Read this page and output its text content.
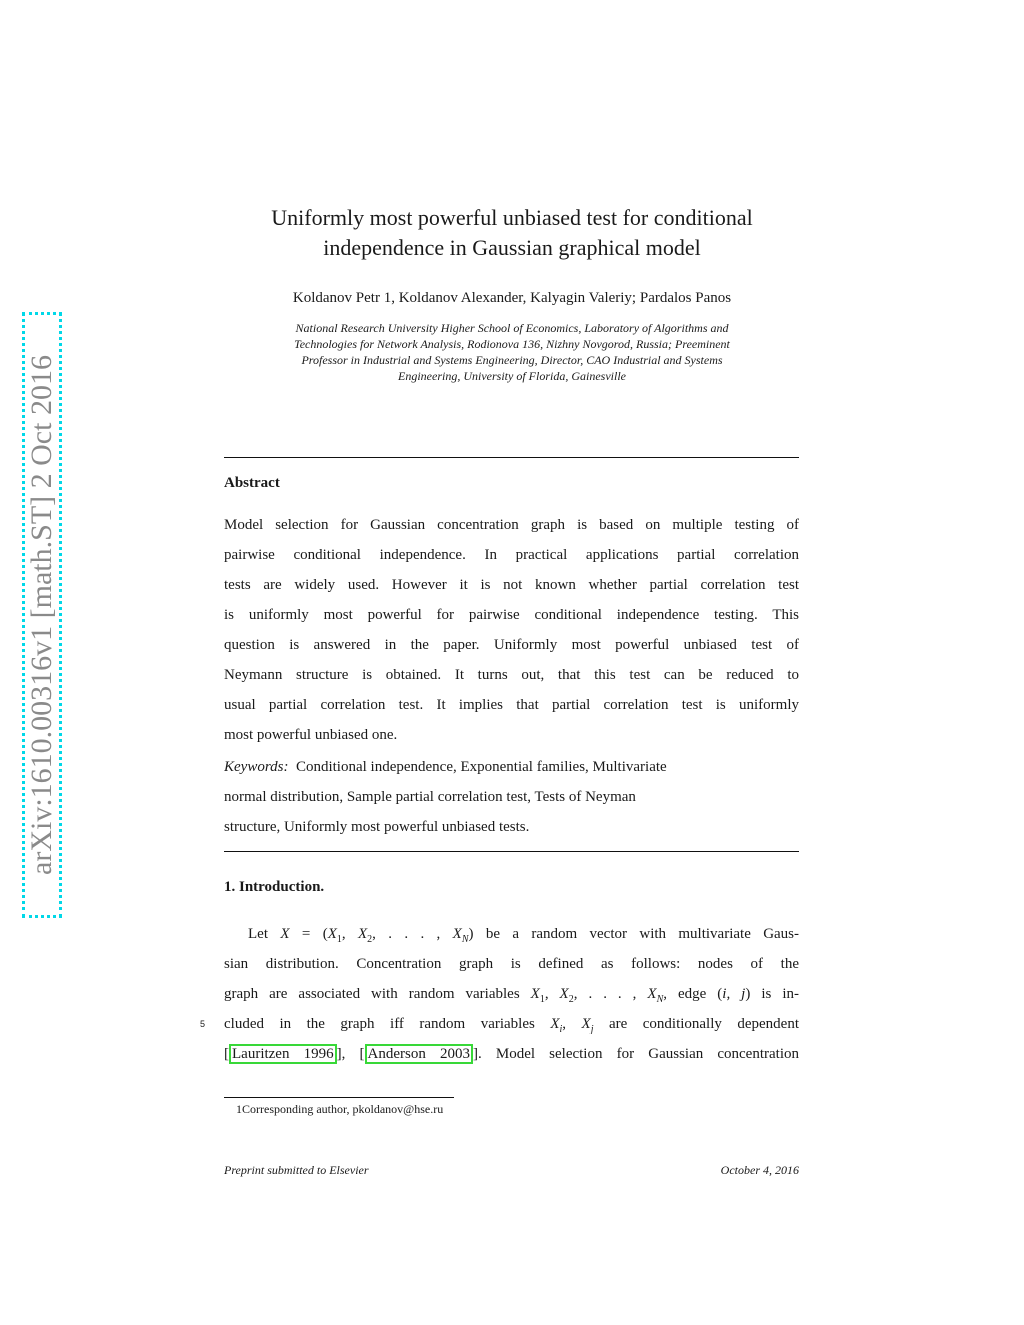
arXiv:1610.00316v1 [math.ST] 2 Oct 2016
Uniformly most powerful unbiased test for conditional
independence in Gaussian graphical model
Koldanov Petr 1, Koldanov Alexander, Kalyagin Valeriy; Pardalos Panos
National Research University Higher School of Economics, Laboratory of Algorithms and
Technologies for Network Analysis, Rodionova 136, Nizhny Novgorod, Russia; Preeminent
Professor in Industrial and Systems Engineering, Director, CAO Industrial and Systems
Engineering, University of Florida, Gainesville
Abstract
Model selection for Gaussian concentration graph is based on multiple testing of
pairwise conditional independence. In practical applications partial correlation
tests are widely used. However it is not known whether partial correlation test
is uniformly most powerful for pairwise conditional independence testing. This
question is answered in the paper. Uniformly most powerful unbiased test of
Neymann structure is obtained. It turns out, that this test can be reduced to
usual partial correlation test. It implies that partial correlation test is uniformly
most powerful unbiased one.
Keywords: Conditional independence, Exponential families, Multivariate
normal distribution, Sample partial correlation test, Tests of Neyman
structure, Uniformly most powerful unbiased tests.
1. Introduction.
Let $X = (X_1$, $X_2$, . . . , $X_N$) be a random vector with multivariate Gaus-
sian distribution. Concentration graph is defined as follows: nodes of the
graph are associated with random variables $X_1$, $X_2$, . . . , $X_N$, edge (i, j) is in-
5 cluded in the graph iff random variables $X_i$, $X_j$ are conditionally dependent
[ Lauritzen 1996 ], [ Anderson 2003 ]. Model selection for Gaussian concentration
1Corresponding author, pkoldanov@hse.ru
Preprint submitted to Elsevier	October 4, 2016
